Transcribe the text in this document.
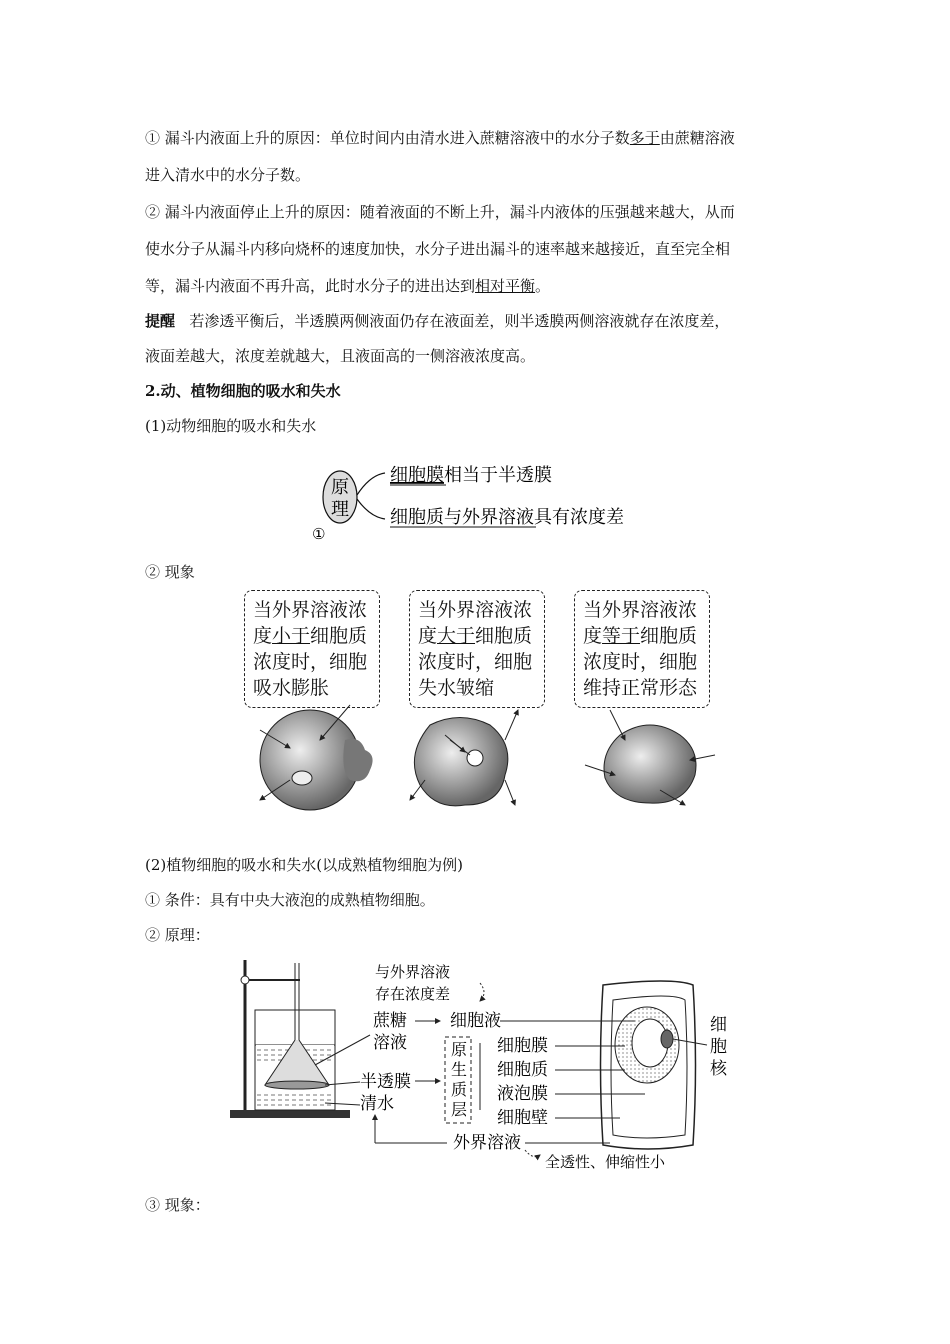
① 漏斗内液面上升的原因：单位时间内由清水进入蔗糖溶液中的水分子数多于由蔗糖溶液
进入清水中的水分子数。
② 漏斗内液面停止上升的原因：随着液面的不断上升，漏斗内液体的压强越来越大，从而
使水分子从漏斗内移向烧杯的速度加快，水分子进出漏斗的速率越来越接近，直至完全相
等，漏斗内液面不再升高，此时水分子的进出达到相对平衡。
提醒 若渗透平衡后，半透膜两侧液面仍存在液面差，则半透膜两侧溶液就存在浓度差，
液面差越大，浓度差就越大，且液面高的一侧溶液浓度高。
2.动、植物细胞的吸水和失水
(1)动物细胞的吸水和失水
原
理
细胞膜相当于半透膜
细胞质与外界溶液具有浓度差
①
② 现象
当外界溶液浓
度小于细胞质
浓度时，细胞
吸水膨胀
当外界溶液浓
度大于细胞质
浓度时，细胞
失水皱缩
当外界溶液浓
度等于细胞质
浓度时，细胞
维持正常形态
(2)植物细胞的吸水和失水(以成熟植物细胞为例)
① 条件：具有中央大液泡的成熟植物细胞。
② 原理：
与外界溶液
存在浓度差
蔗糖
溶液
细胞液
半透膜
清水
原
生
质
层
细胞膜
细胞质
液泡膜
细胞壁
外界溶液
全透性、伸缩性小
细
胞
核
③ 现象：
